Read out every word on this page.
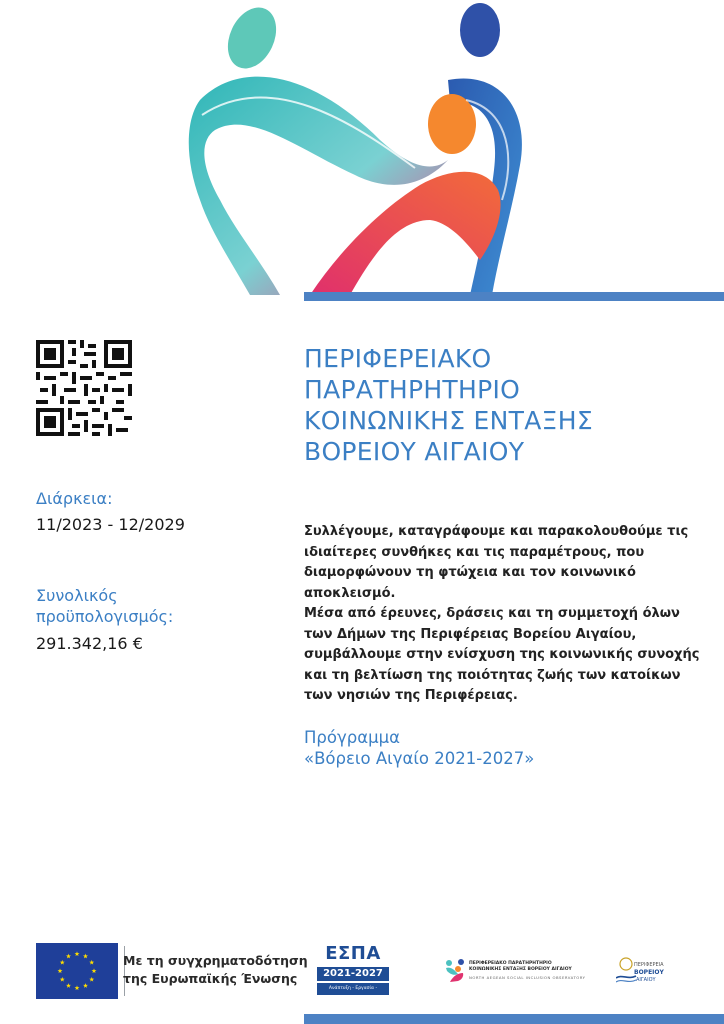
Διάρκεια:
11/2023 - 12/2029
Συνολικός προϋπολογισμός:
291.342,16 €
ΠΕΡΙΦΕΡΕΙΑΚΟ
ΠΑΡΑΤΗΡΗΤΗΡΙΟ
ΚΟΙΝΩΝΙΚΗΣ ΕΝΤΑΞΗΣ
ΒΟΡΕΙΟΥ ΑΙΓΑΙΟΥ
Συλλέγουμε, καταγράφουμε και παρακολουθούμε τις
ιδιαίτερες συνθήκες και τις παραμέτρους, που
διαμορφώνουν τη φτώχεια και τον κοινωνικό
αποκλεισμό.
Μέσα από έρευνες, δράσεις και τη συμμετοχή όλων
των Δήμων της Περιφέρειας Βορείου Αιγαίου,
συμβάλλουμε στην ενίσχυση της κοινωνικής συνοχής
και τη βελτίωση της ποιότητας ζωής των κατοίκων
των νησιών της Περιφέρειας.
Πρόγραμμα
«Βόρειο Αιγαίο 2021-2027»
Με τη συγχρηματοδότηση
της Ευρωπαϊκής Ένωσης
ΕΣΠΑ
2021-2027
Ανάπτυξη - Εργασία - Αλληλεγγύη
ΠΕΡΙΦΕΡΕΙΑΚΟ ΠΑΡΑΤΗΡΗΤΗΡΙΟ
ΚΟΙΝΩΝΙΚΗΣ ΕΝΤΑΞΗΣ ΒΟΡΕΙΟΥ ΑΙΓΑΙΟΥ
NORTH AEGEAN SOCIAL INCLUSION OBSERVATORY
ΠΕΡΙΦΕΡΕΙΑ
ΒΟΡΕΙΟΥ
ΑΙΓΑΙΟΥ
